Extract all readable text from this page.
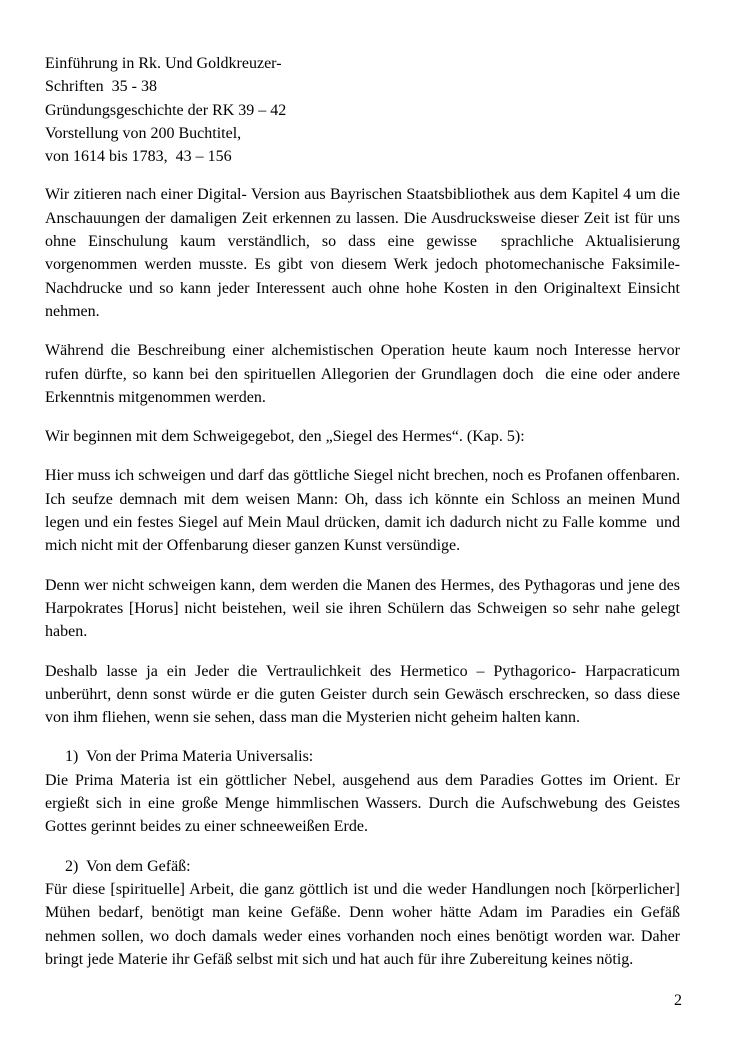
Einführung in Rk. Und Goldkreuzer-
Schriften  35 - 38
Gründungsgeschichte der RK 39 – 42
Vorstellung von 200 Buchtitel,
von 1614 bis 1783,  43 – 156

Wir zitieren nach einer Digital- Version aus Bayrischen Staatsbibliothek aus dem Kapitel 4 um die Anschauungen der damaligen Zeit erkennen zu lassen. Die Ausdrucksweise dieser Zeit ist für uns ohne Einschulung kaum verständlich, so dass eine gewisse  sprachliche Aktualisierung vorgenommen werden musste. Es gibt von diesem Werk jedoch photomechanische Faksimile- Nachdrucke und so kann jeder Interessent auch ohne hohe Kosten in den Originaltext Einsicht nehmen.

Während die Beschreibung einer alchemistischen Operation heute kaum noch Interesse hervor rufen dürfte, so kann bei den spirituellen Allegorien der Grundlagen doch  die eine oder andere Erkenntnis mitgenommen werden.

Wir beginnen mit dem Schweigegebot, den „Siegel des Hermes“. (Kap. 5):

Hier muss ich schweigen und darf das göttliche Siegel nicht brechen, noch es Profanen offenbaren. Ich seufze demnach mit dem weisen Mann: Oh, dass ich könnte ein Schloss an meinen Mund legen und ein festes Siegel auf Mein Maul drücken, damit ich dadurch nicht zu Falle komme  und mich nicht mit der Offenbarung dieser ganzen Kunst versündige.

Denn wer nicht schweigen kann, dem werden die Manen des Hermes, des Pythagoras und jene des Harpokrates [Horus] nicht beistehen, weil sie ihren Schülern das Schweigen so sehr nahe gelegt haben.

Deshalb lasse ja ein Jeder die Vertraulichkeit des Hermetico – Pythagorico- Harpacraticum unberührt, denn sonst würde er die guten Geister durch sein Gewäsch erschrecken, so dass diese von ihm fliehen, wenn sie sehen, dass man die Mysterien nicht geheim halten kann.

1)  Von der Prima Materia Universalis:

Die Prima Materia ist ein göttlicher Nebel, ausgehend aus dem Paradies Gottes im Orient. Er ergießt sich in eine große Menge himmlischen Wassers. Durch die Aufschwebung des Geistes Gottes gerinnt beides zu einer schneeweißen Erde.

2)  Von dem Gefäß:

Für diese [spirituelle] Arbeit, die ganz göttlich ist und die weder Handlungen noch [körperlicher] Mühen bedarf, benötigt man keine Gefäße. Denn woher hätte Adam im Paradies ein Gefäß nehmen sollen, wo doch damals weder eines vorhanden noch eines benötigt worden war. Daher bringt jede Materie ihr Gefäß selbst mit sich und hat auch für ihre Zubereitung keines nötig.

2
